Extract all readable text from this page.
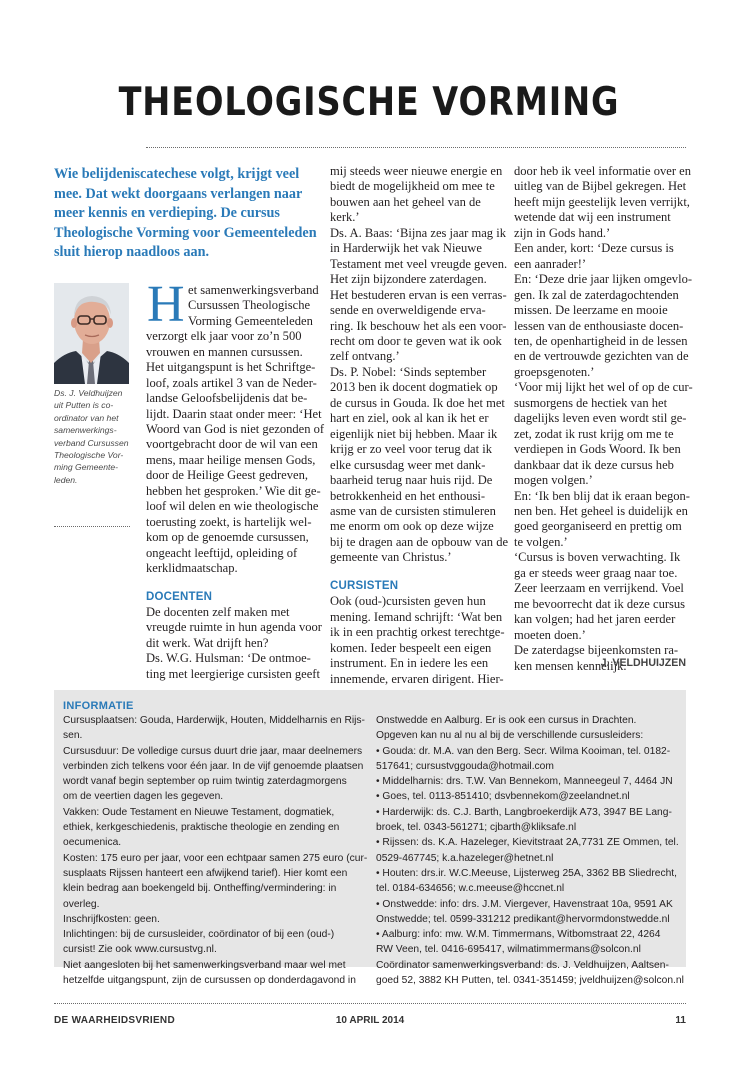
THEOLOGISCHE VORMING
Wie belijdeniscatechese volgt, krijgt veel mee. Dat wekt doorgaans verlangen naar meer kennis en verdieping. De cursus Theologische Vorming voor Gemeenteleden sluit hierop naadloos aan.
Ds. J. Veldhuijzen
uit Putten is co-
ordinator van het
samenwerkings-
verband Cursussen
Theologische Vor-
ming Gemeente-
leden.
H et samenwerkingsverband

Cursussen Theologische

Vorming Gemeenteleden

verzorgt elk jaar voor zo’n 500

vrouwen en mannen cursussen.

Het uitgangspunt is het Schriftge-

loof, zoals artikel 3 van de Neder-

landse Geloofsbelijdenis dat be-

lijdt. Daarin staat onder meer: ‘Het

Woord van God is niet gezonden of

voortgebracht door de wil van een

mens, maar heilige mensen Gods,

door de Heilige Geest gedreven,

hebben het gesproken.’ Wie dit ge-

loof wil delen en wie theologische

toerusting zoekt, is hartelijk wel-

kom op de genoemde cursussen,

ongeacht leeftijd, opleiding of

kerklidmaatschap.

DOCENTEN

De docenten zelf maken met

vreugde ruimte in hun agenda voor

dit werk. Wat drijft hen?

Ds. W.G. Hulsman: ‘De ontmoe-

ting met leergierige cursisten geeft

mij steeds weer nieuwe energie en

biedt de mogelijkheid om mee te

bouwen aan het geheel van de

kerk.’

Ds. A. Baas: ‘Bijna zes jaar mag ik

in Harderwijk het vak Nieuwe

Testament met veel vreugde geven.

Het zijn bijzondere zaterdagen.

Het bestuderen ervan is een verras-

sende en overweldigende erva-

ring. Ik beschouw het als een voor-

recht om door te geven wat ik ook

zelf ontvang.’

Ds. P. Nobel: ‘Sinds september

2013 ben ik docent dogmatiek op

de cursus in Gouda. Ik doe het met

hart en ziel, ook al kan ik het er

eigenlijk niet bij hebben. Maar ik

krijg er zo veel voor terug dat ik

elke cursusdag weer met dank-

baarheid terug naar huis rijd. De

betrokkenheid en het enthousi-

asme van de cursisten stimuleren

me enorm om ook op deze wijze

bij te dragen aan de opbouw van de

gemeente van Christus.’

CURSISTEN

Ook (oud-)cursisten geven hun

mening. Iemand schrijft: ‘Wat ben

ik in een prachtig orkest terechtge-

komen. Ieder bespeelt een eigen

instrument. En in iedere les een

innemende, ervaren dirigent. Hier-

door heb ik veel informatie over en

uitleg van de Bijbel gekregen. Het

heeft mijn geestelijk leven verrijkt,

wetende dat wij een instrument

zijn in Gods hand.’

Een ander, kort: ‘Deze cursus is

een aanrader!’

En: ‘Deze drie jaar lijken omgevlo-

gen. Ik zal de zaterdagochtenden

missen. De leerzame en mooie

lessen van de enthousiaste docen-

ten, de openhartigheid in de lessen

en de vertrouwde gezichten van de

groepsgenoten.’

‘Voor mij lijkt het wel of op de cur-

susmorgens de hectiek van het

dagelijks leven even wordt stil ge-

zet, zodat ik rust krijg om me te

verdiepen in Gods Woord. Ik ben

dankbaar dat ik deze cursus heb

mogen volgen.’

En: ‘Ik ben blij dat ik eraan begon-

nen ben. Het geheel is duidelijk en

goed georganiseerd en prettig om

te volgen.’

‘Cursus is boven verwachting. Ik

ga er steeds weer graag naar toe.

Zeer leerzaam en verrijkend. Voel

me bevoorrecht dat ik deze cursus

kan volgen; had het jaren eerder

moeten doen.’

De zaterdagse bijeenkomsten ra-

ken mensen kennelijk.

J. VELDHUIJZEN
INFORMATIE

Cursusplaatsen: Gouda, Harderwijk, Houten, Middelharnis en Rijs-

sen.

Cursusduur: De volledige cursus duurt drie jaar, maar deelnemers

verbinden zich telkens voor één jaar. In de vijf genoemde plaatsen

wordt vanaf begin september op ruim twintig zaterdagmorgens

om de veertien dagen les gegeven.

Vakken: Oude Testament en Nieuwe Testament, dogmatiek,

ethiek, kerkgeschiedenis, praktische theologie en zending en

oecumenica.

Kosten: 175 euro per jaar, voor een echtpaar samen 275 euro (cur-

susplaats Rijssen hanteert een afwijkend tarief). Hier komt een

klein bedrag aan boekengeld bij. Ontheffing/vermindering: in

overleg.

Inschrijfkosten: geen.

Inlichtingen: bij de cursusleider, coördinator of bij een (oud-)

cursist! Zie ook www.cursustvg.nl.

Niet aangesloten bij het samenwerkingsverband maar wel met

hetzelfde uitgangspunt, zijn de cursussen op donderdagavond in

Onstwedde en Aalburg. Er is ook een cursus in Drachten.

Opgeven kan nu al nu al bij de verschillende cursusleiders:

• Gouda: dr. M.A. van den Berg. Secr. Wilma Kooiman, tel. 0182-

517641; cursustvggouda@hotmail.com

• Middelharnis: drs. T.W. Van Bennekom, Manneegeul 7, 4464 JN

• Goes, tel. 0113-851410; dsvbennekom@zeelandnet.nl

• Harderwijk: ds. C.J. Barth, Langbroekerdijk A73, 3947 BE Lang-

broek, tel. 0343-561271; cjbarth@kliksafe.nl

• Rijssen: ds. K.A. Hazeleger, Kievitstraat 2A,7731 ZE Ommen, tel.

0529-467745; k.a.hazeleger@hetnet.nl

• Houten: drs.ir. W.C.Meeuse, Lijsterweg 25A, 3362 BB Sliedrecht,

tel. 0184-634656; w.c.meeuse@hccnet.nl

• Onstwedde: info: drs. J.M. Viergever, Havenstraat 10a, 9591 AK

Onstwedde; tel. 0599-331212 predikant@hervormdonstwedde.nl

• Aalburg: info: mw. W.M. Timmermans, Witbomstraat 22, 4264

RW Veen, tel. 0416-695417, wilmatimmermans@solcon.nl

Coördinator samenwerkingsverband: ds. J. Veldhuijzen, Aaltsen-

goed 52, 3882 KH Putten, tel. 0341-351459; jveldhuijzen@solcon.nl

DE WAARHEIDSVRIEND	10 APRIL 2014	11
